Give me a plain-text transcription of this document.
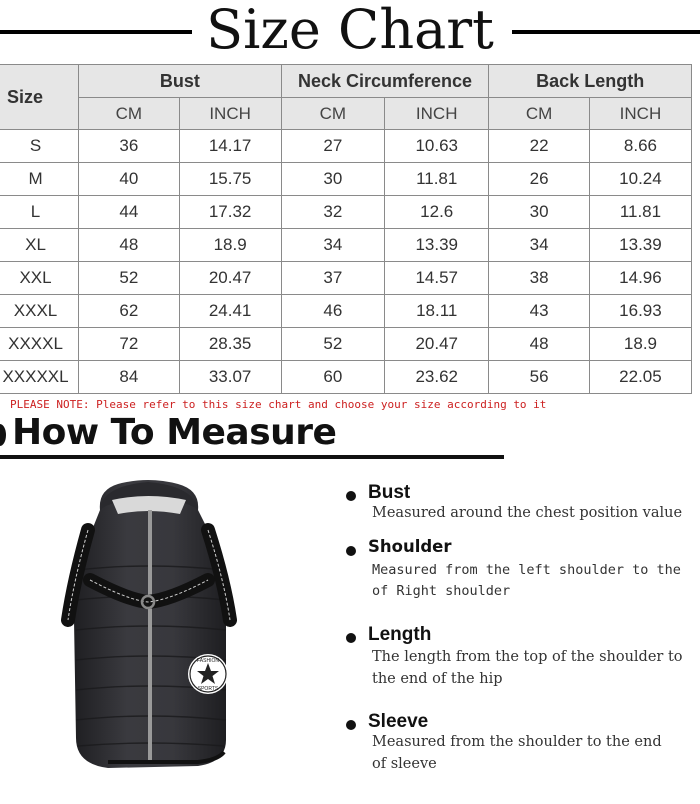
Size Chart
Size	Bust		Neck Circumference		Back Length	
	CM	INCH	CM	INCH	CM	INCH
S	36	14.17	27	10.63	22	8.66
M	40	15.75	30	11.81	26	10.24
L	44	17.32	32	12.6	30	11.81
XL	48	18.9	34	13.39	34	13.39
XXL	52	20.47	37	14.57	38	14.96
XXXL	62	24.41	46	18.11	43	16.93
XXXXL	72	28.35	52	20.47	48	18.9
XXXXXL	84	33.07	60	23.62	56	22.05
PLEASE NOTE: Please refer to this size chart and choose your size according to it
How To Measure
FASHION
SPORTS
Bust
Measured around the chest position value
Shoulder
Measured from the left shoulder to the
of Right shoulder
Length
The length from the top of the shoulder to
the end of the hip
Sleeve
Measured from the shoulder to the end
of sleeve
